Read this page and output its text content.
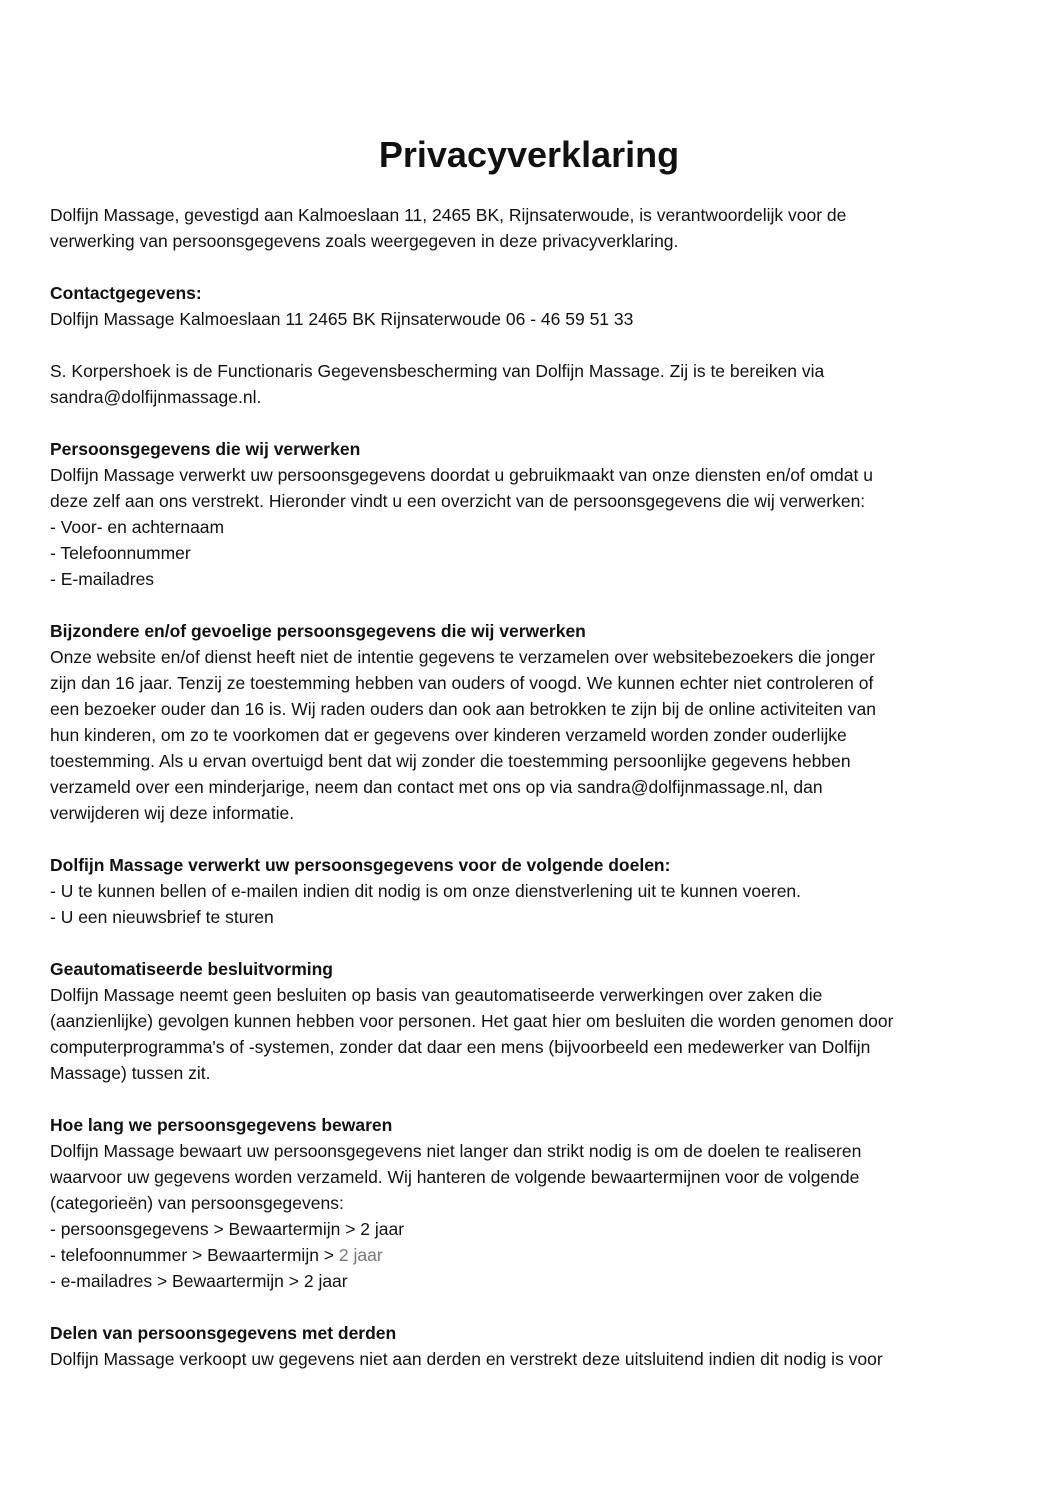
Privacyverklaring
Dolfijn Massage, gevestigd aan Kalmoeslaan 11, 2465 BK, Rijnsaterwoude, is verantwoordelijk voor de
verwerking van persoonsgegevens zoals weergegeven in deze privacyverklaring.
Contactgegevens:
Dolfijn Massage Kalmoeslaan 11 2465 BK Rijnsaterwoude 06 - 46 59 51 33
S. Korpershoek is de Functionaris Gegevensbescherming van Dolfijn Massage. Zij is te bereiken via
sandra@dolfijnmassage.nl.
Persoonsgegevens die wij verwerken
Dolfijn Massage verwerkt uw persoonsgegevens doordat u gebruikmaakt van onze diensten en/of omdat u
deze zelf aan ons verstrekt. Hieronder vindt u een overzicht van de persoonsgegevens die wij verwerken:
- Voor- en achternaam
- Telefoonnummer
- E-mailadres
Bijzondere en/of gevoelige persoonsgegevens die wij verwerken
Onze website en/of dienst heeft niet de intentie gegevens te verzamelen over websitebezoekers die jonger
zijn dan 16 jaar. Tenzij ze toestemming hebben van ouders of voogd. We kunnen echter niet controleren of
een bezoeker ouder dan 16 is. Wij raden ouders dan ook aan betrokken te zijn bij de online activiteiten van
hun kinderen, om zo te voorkomen dat er gegevens over kinderen verzameld worden zonder ouderlijke
toestemming. Als u ervan overtuigd bent dat wij zonder die toestemming persoonlijke gegevens hebben
verzameld over een minderjarige, neem dan contact met ons op via sandra@dolfijnmassage.nl, dan
verwijderen wij deze informatie.
Dolfijn Massage verwerkt uw persoonsgegevens voor de volgende doelen:
- U te kunnen bellen of e-mailen indien dit nodig is om onze dienstverlening uit te kunnen voeren.
- U een nieuwsbrief te sturen
Geautomatiseerde besluitvorming
Dolfijn Massage neemt geen besluiten op basis van geautomatiseerde verwerkingen over zaken die
(aanzienlijke) gevolgen kunnen hebben voor personen. Het gaat hier om besluiten die worden genomen door
computerprogramma's of -systemen, zonder dat daar een mens (bijvoorbeeld een medewerker van Dolfijn
Massage) tussen zit.
Hoe lang we persoonsgegevens bewaren
Dolfijn Massage bewaart uw persoonsgegevens niet langer dan strikt nodig is om de doelen te realiseren
waarvoor uw gegevens worden verzameld. Wij hanteren de volgende bewaartermijnen voor de volgende
(categorieën) van persoonsgegevens:
- persoonsgegevens > Bewaartermijn > 2 jaar
- telefoonnummer > Bewaartermijn > 2 jaar
- e-mailadres > Bewaartermijn > 2 jaar
Delen van persoonsgegevens met derden
Dolfijn Massage verkoopt uw gegevens niet aan derden en verstrekt deze uitsluitend indien dit nodig is voor
